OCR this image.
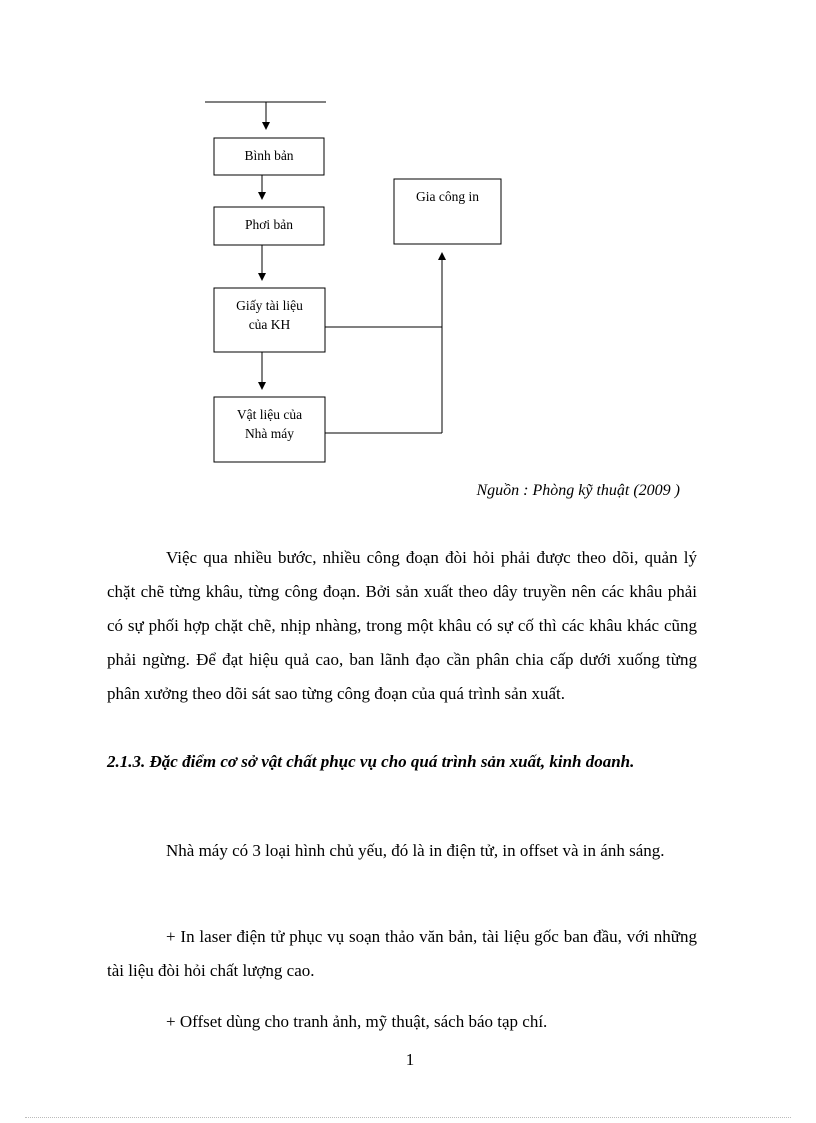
Bình bản
Phơi bản
Giấy tài liệu
của KH
Vật liệu của
Nhà máy
Gia công in
Nguồn : Phòng kỹ thuật (2009 )

Việc qua nhiều bước, nhiều công đoạn đòi hỏi phải được theo dõi, quản lý chặt chẽ từng khâu, từng công đoạn. Bởi sản xuất theo dây truyền nên các khâu phải có sự phối hợp chặt chẽ, nhịp nhàng, trong một khâu có sự cố thì các khâu khác cũng phải ngừng. Để đạt hiệu quả cao, ban lãnh đạo cần phân chia cấp dưới xuống từng phân xưởng theo dõi sát sao từng công đoạn của quá trình sản xuất.

2.1.3. Đặc điểm cơ sở vật chất phục vụ cho quá trình sản xuất, kinh doanh.

Nhà máy có 3 loại hình chủ yếu, đó là in điện tử, in offset và in ánh sáng.

+ In laser điện tử phục vụ soạn thảo văn bản, tài liệu gốc ban đầu, với những tài liệu đòi hỏi chất lượng cao.

+ Offset dùng cho tranh ảnh, mỹ thuật, sách báo tạp chí.

1
